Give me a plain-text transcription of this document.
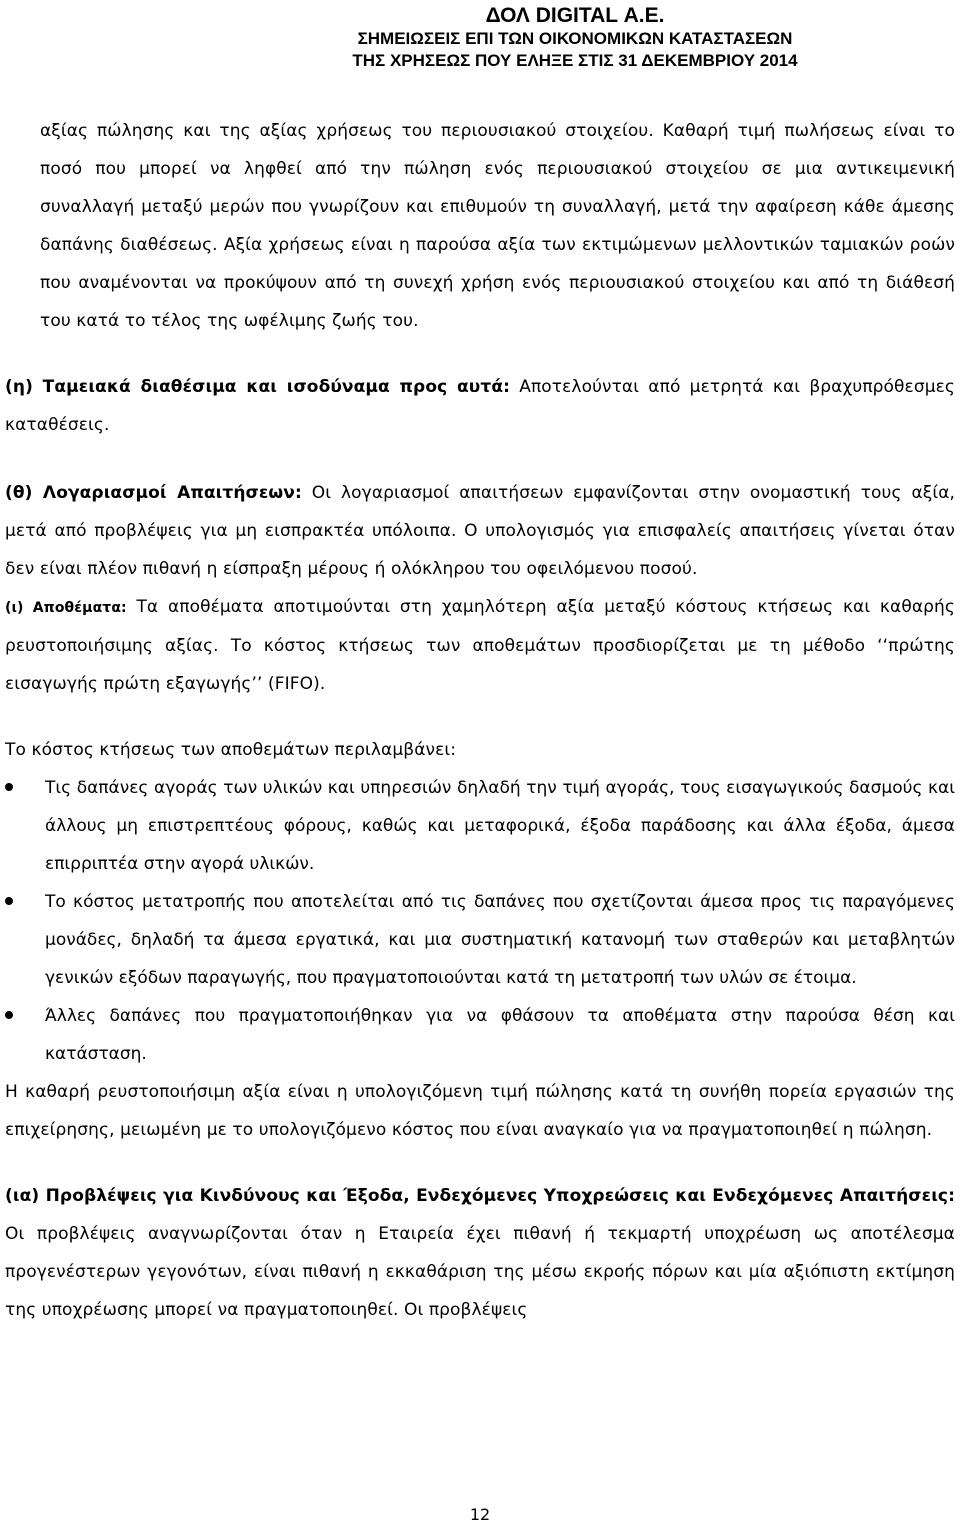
ΔΟΛ DIGITAL Α.Ε.
ΣΗΜΕΙΩΣΕΙΣ ΕΠΙ ΤΩΝ ΟΙΚΟΝΟΜΙΚΩΝ ΚΑΤΑΣΤΑΣΕΩΝ
ΤΗΣ ΧΡΗΣΕΩΣ ΠΟΥ ΕΛΗΞΕ ΣΤΙΣ 31 ΔΕΚΕΜΒΡΙΟΥ 2014

αξίας πώλησης και της αξίας χρήσεως του περιουσιακού στοιχείου. Καθαρή τιμή πωλήσεως είναι το ποσό που μπορεί να ληφθεί από την πώληση ενός περιουσιακού στοιχείου σε μια αντικειμενική συναλλαγή μεταξύ μερών που γνωρίζουν και επιθυμούν τη συναλλαγή, μετά την αφαίρεση κάθε άμεσης δαπάνης διαθέσεως. Αξία χρήσεως είναι η παρούσα αξία των εκτιμώμενων μελλοντικών ταμιακών ροών που αναμένονται να προκύψουν από τη συνεχή χρήση ενός περιουσιακού στοιχείου και από τη διάθεσή του κατά το τέλος της ωφέλιμης ζωής του.

(η) Ταμειακά διαθέσιμα και ισοδύναμα προς αυτά: Αποτελούνται από μετρητά και βραχυπρόθεσμες καταθέσεις.

(θ) Λογαριασμοί Απαιτήσεων: Οι λογαριασμοί απαιτήσεων εμφανίζονται στην ονομαστική τους αξία, μετά από προβλέψεις για μη εισπρακτέα υπόλοιπα. Ο υπολογισμός για επισφαλείς απαιτήσεις γίνεται όταν δεν είναι πλέον πιθανή η είσπραξη μέρους ή ολόκληρου του οφειλόμενου ποσού.

(ι) Αποθέματα: Τα αποθέματα αποτιμούνται στη χαμηλότερη αξία μεταξύ κόστους κτήσεως και καθαρής ρευστοποιήσιμης αξίας. Το κόστος κτήσεως των αποθεμάτων προσδιορίζεται με τη μέθοδο ‘‘πρώτης εισαγωγής πρώτη εξαγωγής’’ (FIFO).

Το κόστος κτήσεως των αποθεμάτων περιλαμβάνει:

Τις δαπάνες αγοράς των υλικών και υπηρεσιών δηλαδή την τιμή αγοράς, τους εισαγωγικούς δασμούς και άλλους μη επιστρεπτέους φόρους, καθώς και μεταφορικά, έξοδα παράδοσης και άλλα έξοδα, άμεσα επιρριπτέα στην αγορά υλικών.
Το κόστος μετατροπής που αποτελείται από τις δαπάνες που σχετίζονται άμεσα προς τις παραγόμενες μονάδες, δηλαδή τα άμεσα εργατικά, και μια συστηματική κατανομή των σταθερών και μεταβλητών γενικών εξόδων παραγωγής, που πραγματοποιούνται κατά τη μετατροπή των υλών σε έτοιμα.
Άλλες δαπάνες που πραγματοποιήθηκαν για να φθάσουν τα αποθέματα στην παρούσα θέση και κατάσταση.

Η καθαρή ρευστοποιήσιμη αξία είναι η υπολογιζόμενη τιμή πώλησης κατά τη συνήθη πορεία εργασιών της επιχείρησης, μειωμένη με το υπολογιζόμενο κόστος που είναι αναγκαίο για να πραγματοποιηθεί η πώληση.

(ια) Προβλέψεις για Κινδύνους και Έξοδα, Ενδεχόμενες Υποχρεώσεις και Ενδεχόμενες Απαιτήσεις: Οι προβλέψεις αναγνωρίζονται όταν η Εταιρεία έχει πιθανή ή τεκμαρτή υποχρέωση ως αποτέλεσμα προγενέστερων γεγονότων, είναι πιθανή η εκκαθάριση της μέσω εκροής πόρων και μία αξιόπιστη εκτίμηση της υποχρέωσης μπορεί να πραγματοποιηθεί. Οι προβλέψεις

12
